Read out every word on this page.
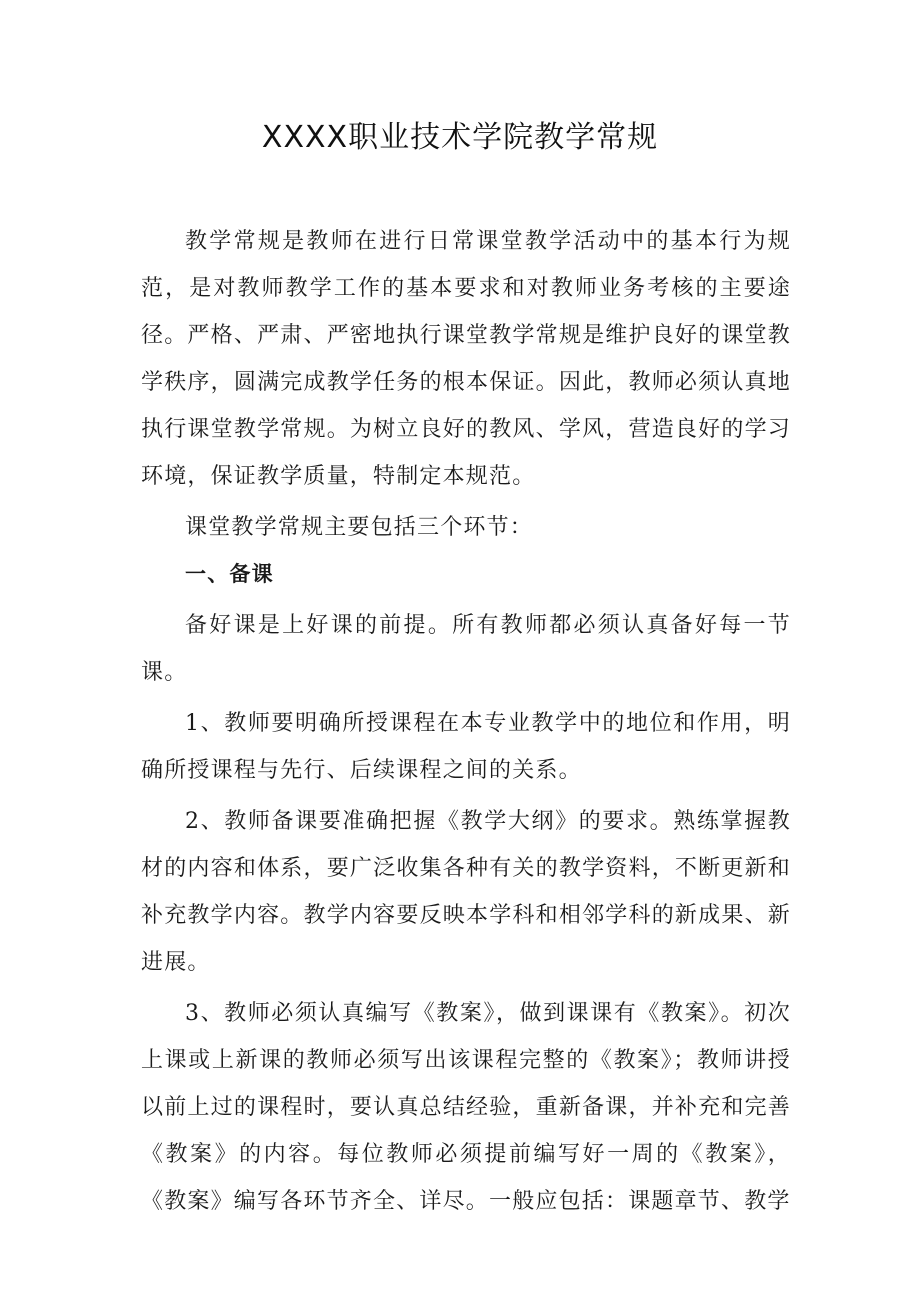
XXXX职业技术学院教学常规

教学常规是教师在进行日常课堂教学活动中的基本行为规范，是对教师教学工作的基本要求和对教师业务考核的主要途径。严格、严肃、严密地执行课堂教学常规是维护良好的课堂教学秩序，圆满完成教学任务的根本保证。因此，教师必须认真地执行课堂教学常规。为树立良好的教风、学风，营造良好的学习环境，保证教学质量，特制定本规范。

课堂教学常规主要包括三个环节：

一、备课

备好课是上好课的前提。所有教师都必须认真备好每一节课。

1、教师要明确所授课程在本专业教学中的地位和作用，明确所授课程与先行、后续课程之间的关系。

2、教师备课要准确把握《教学大纲》的要求。熟练掌握教材的内容和体系，要广泛收集各种有关的教学资料，不断更新和补充教学内容。教学内容要反映本学科和相邻学科的新成果、新进展。

3、教师必须认真编写《教案》，做到课课有《教案》。初次上课或上新课的教师必须写出该课程完整的《教案》；教师讲授以前上过的课程时，要认真总结经验，重新备课，并补充和完善《教案》的内容。每位教师必须提前编写好一周的《教案》，《教案》编写各环节齐全、详尽。一般应包括：课题章节、教学
